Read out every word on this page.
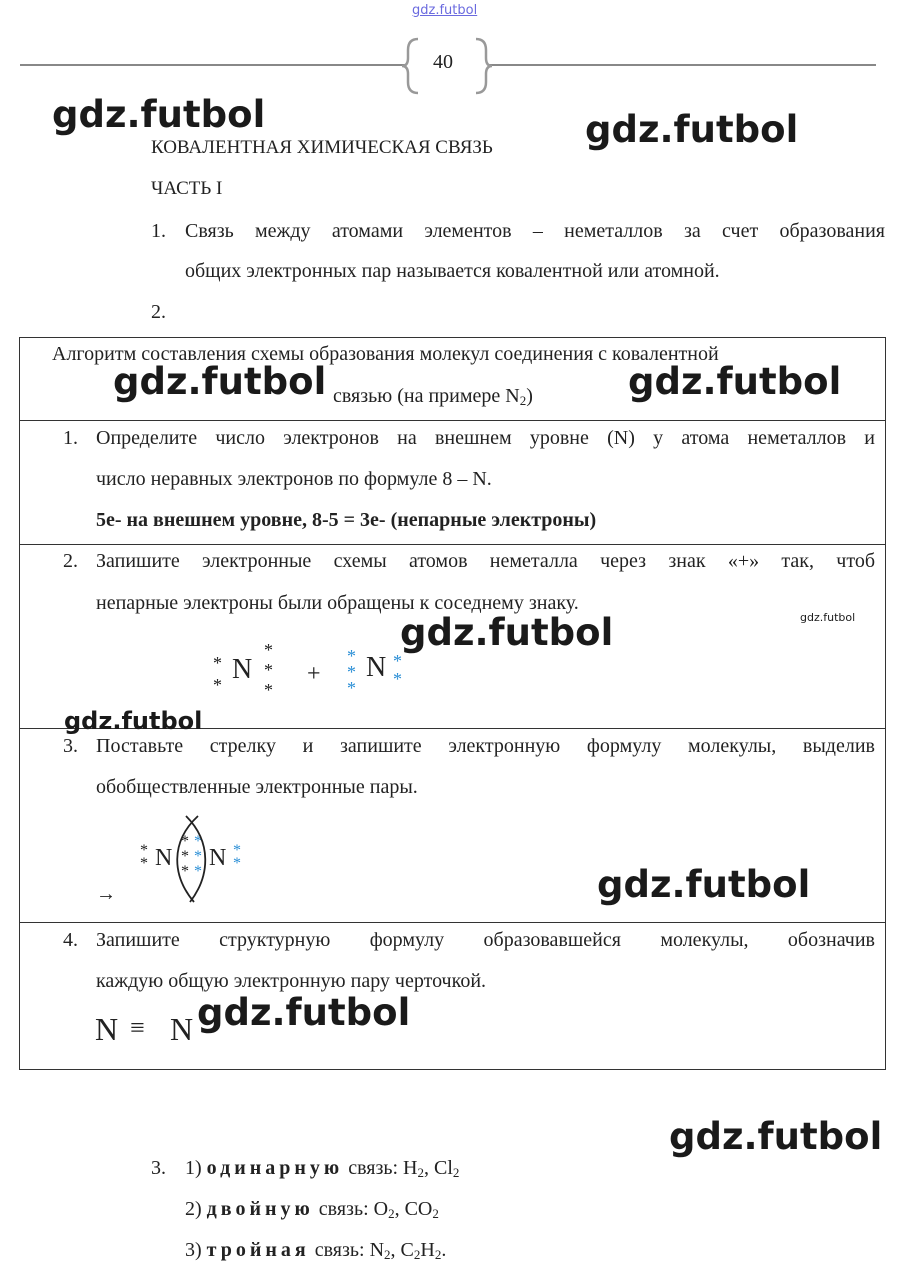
gdz.futbol
40
gdz.futbol
КОВАЛЕНТНАЯ ХИМИЧЕСКАЯ СВЯЗЬ gdz.futbol
ЧАСТЬ I
1. Связь между атомами элементов – неметаллов за счет образования
общих электронных пар называется ковалентной или атомной.
2.
Алгоритм составления схемы образования молекул соединения с ковалентной
связью (на примере $N_2$)
gdz.futbol	gdz.futbol
1. Определите число электронов на внешнем уровне (N) у атома неметаллов и
число неравных электронов по формуле 8 – N.
5е- на внешнем уровне, 8-5 = 3е- (непарные электроны)
2. Запишите электронные схемы атомов неметалла через знак «+» так, чтоб
непарные электроны были обращены к соседнему знаку.
gdz.futbol
gdz.futbol
*
* N
*
*
*
+
*
*
*
N *
*
gdz.futbol
3. Поставьте стрелку и запишите электронную формулу молекулы, выделив
обобществленные электронные пары.
→
*
* N
*
*
*
*
*
*
N *
*	gdz.futbol
4. Запишите структурную формулу образовавшейся молекулы, обозначив
каждую общую электронную пару черточкой.
N ≡ N gdz.futbol
gdz.futbol
3. 1) одинарную связь: $H_2$, $Cl_2$
2) двойную связь: $O_2$, $CO_2$
3) тройная связь: $N_2$, $C_2H_2$.
